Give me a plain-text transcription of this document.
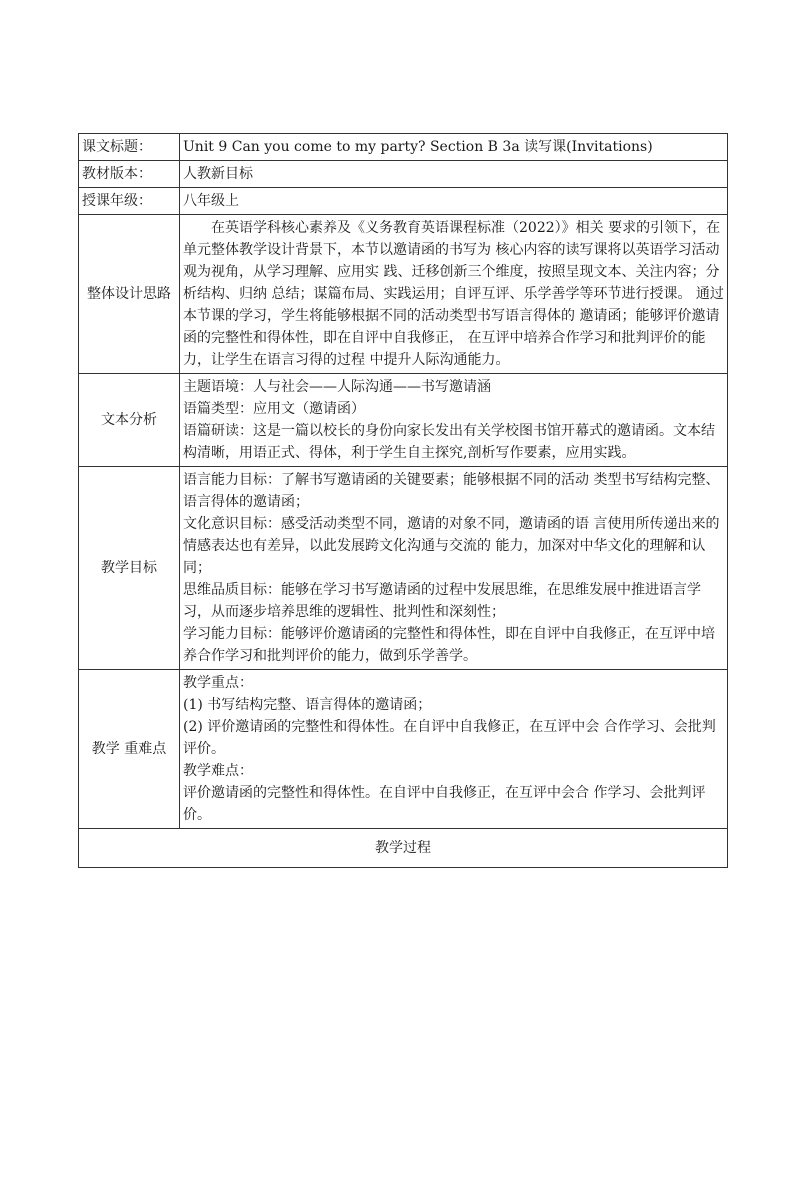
课文标题：	Unit 9 Can you come to my party? Section B 3a 读写课(Invitations)
教材版本：	人教新目标
授课年级：	八年级上
整体设计思路	在英语学科核心素养及《义务教育英语课程标准（2022）》相关 要求的引领下，在单元整体教学设计背景下，本节以邀请函的书写为 核心内容的读写课将以英语学习活动观为视角，从学习理解、应用实 践、迁移创新三个维度，按照呈现文本、关注内容；分析结构、归纳 总结；谋篇布局、实践运用；自评互评、乐学善学等环节进行授课。 通过本节课的学习，学生将能够根据不同的活动类型书写语言得体的 邀请函；能够评价邀请函的完整性和得体性，即在自评中自我修正， 在互评中培养合作学习和批判评价的能力，让学生在语言习得的过程 中提升人际沟通能力。

文本分析	主题语境：人与社会——人际沟通——书写邀请涵

语篇类型：应用文（邀请函）

语篇研读：这是一篇以校长的身份向家长发出有关学校图书馆开幕式的邀请函。文本结构清晰，用语正式、得体，利于学生自主探究,剖析写作要素，应用实践。

教学目标	语言能力目标：了解书写邀请函的关键要素；能够根据不同的活动 类型书写结构完整、语言得体的邀请函；

文化意识目标：感受活动类型不同，邀请的对象不同，邀请函的语 言使用所传递出来的情感表达也有差异，以此发展跨文化沟通与交流的 能力，加深对中华文化的理解和认同；

思维品质目标：能够在学习书写邀请函的过程中发展思维，在思维发展中推进语言学习，从而逐步培养思维的逻辑性、批判性和深刻性；

学习能力目标：能够评价邀请函的完整性和得体性，即在自评中自我修正，在互评中培养合作学习和批判评价的能力，做到乐学善学。

教学 重难点	教学重点：

(1) 书写结构完整、语言得体的邀请函；

(2) 评价邀请函的完整性和得体性。在自评中自我修正，在互评中会 合作学习、会批判评价。

教学难点：

评价邀请函的完整性和得体性。在自评中自我修正，在互评中会合 作学习、会批判评价。

教学过程	
